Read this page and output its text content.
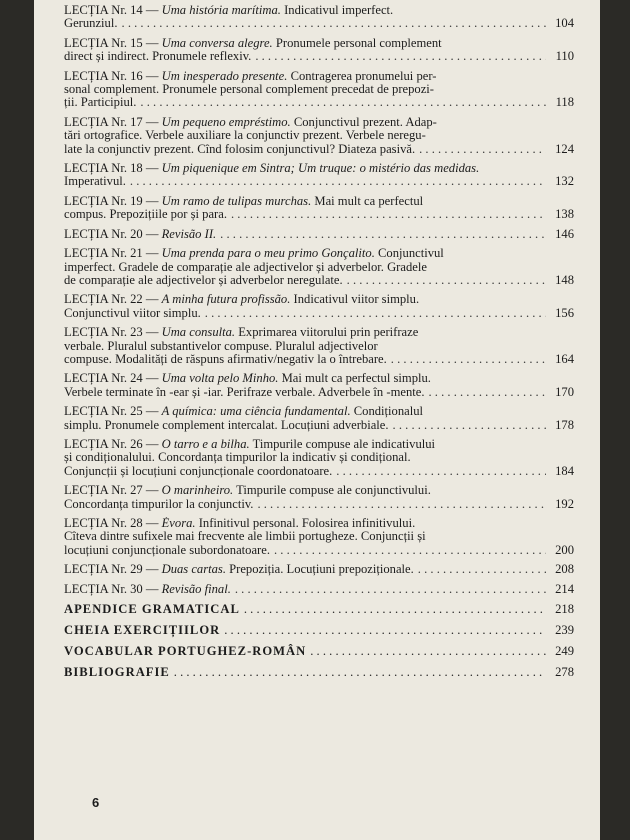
LECȚIA Nr. 14 — Uma história marítima. Indicativul imperfect.
Gerunziul. . . .	104
LECȚIA Nr. 15 — Uma conversa alegre. Pronumele personal complement
direct și indirect. Pronumele reflexiv. . . .	110
LECȚIA Nr. 16 — Um inesperado presente. Contragerea pronumelui per-
sonal complement. Pronumele personal complement precedat de prepozi-
ții. Participiul. . . .	118
LECȚIA Nr. 17 — Um pequeno empréstimo. Conjunctivul prezent. Adap-
tări ortografice. Verbele auxiliare la conjunctiv prezent. Verbele neregu-
late la conjunctiv prezent. Cînd folosim conjunctivul? Diateza pasivă. . . .	124
LECȚIA Nr. 18 — Um piquenique em Sintra; Um truque: o mistério das medidas.
Imperativul. . . .	132
LECȚIA Nr. 19 — Um ramo de tulipas murchas. Mai mult ca perfectul
compus. Prepozițiile por și para. . . .	138
LECȚIA Nr. 20 — Revisão II. . . .	146
LECȚIA Nr. 21 — Uma prenda para o meu primo Gonçalito. Conjunctivul
imperfect. Gradele de comparație ale adjectivelor și adverbelor. Gradele
de comparație ale adjectivelor și adverbelor neregulate. . . .	148
LECȚIA Nr. 22 — A minha futura profissão. Indicativul viitor simplu.
Conjunctivul viitor simplu. . . .	156
LECȚIA Nr. 23 — Uma consulta. Exprimarea viitorului prin perifraze
verbale. Pluralul substantivelor compuse. Pluralul adjectivelor
compuse. Modalități de răspuns afirmativ/negativ la o întrebare. . . .	164
LECȚIA Nr. 24 — Uma volta pelo Minho. Mai mult ca perfectul simplu.
Verbele terminate în -ear și -iar. Perifraze verbale. Adverbele în -mente. . . .	170
LECȚIA Nr. 25 — A química: uma ciência fundamental. Condiționalul
simplu. Pronumele complement intercalat. Locuțiuni adverbiale. . . .	178
LECȚIA Nr. 26 — O tarro e a bilha. Timpurile compuse ale indicativului
și condiționalului. Concordanța timpurilor la indicativ și condițional.
Conjuncții și locuțiuni conjuncționale coordonatoare. . . .	184
LECȚIA Nr. 27 — O marinheiro. Timpurile compuse ale conjunctivului.
Concordanța timpurilor la conjunctiv. . . .	192
LECȚIA Nr. 28 — Évora. Infinitivul personal. Folosirea infinitivului.
Cîteva dintre sufixele mai frecvente ale limbii portugheze. Conjuncții și
locuțiuni conjuncționale subordonatoare. . . .	200
LECȚIA Nr. 29 — Duas cartas. Prepoziția. Locuțiuni prepoziționale. . . .	208
LECȚIA Nr. 30 — Revisão final. . . .	214
APENDICE GRAMATICAL . . .	218
CHEIA EXERCIȚIILOR . . .	239
VOCABULAR PORTUGHEZ-ROMÂN . . .	249
BIBLIOGRAFIE . . .	278
6
